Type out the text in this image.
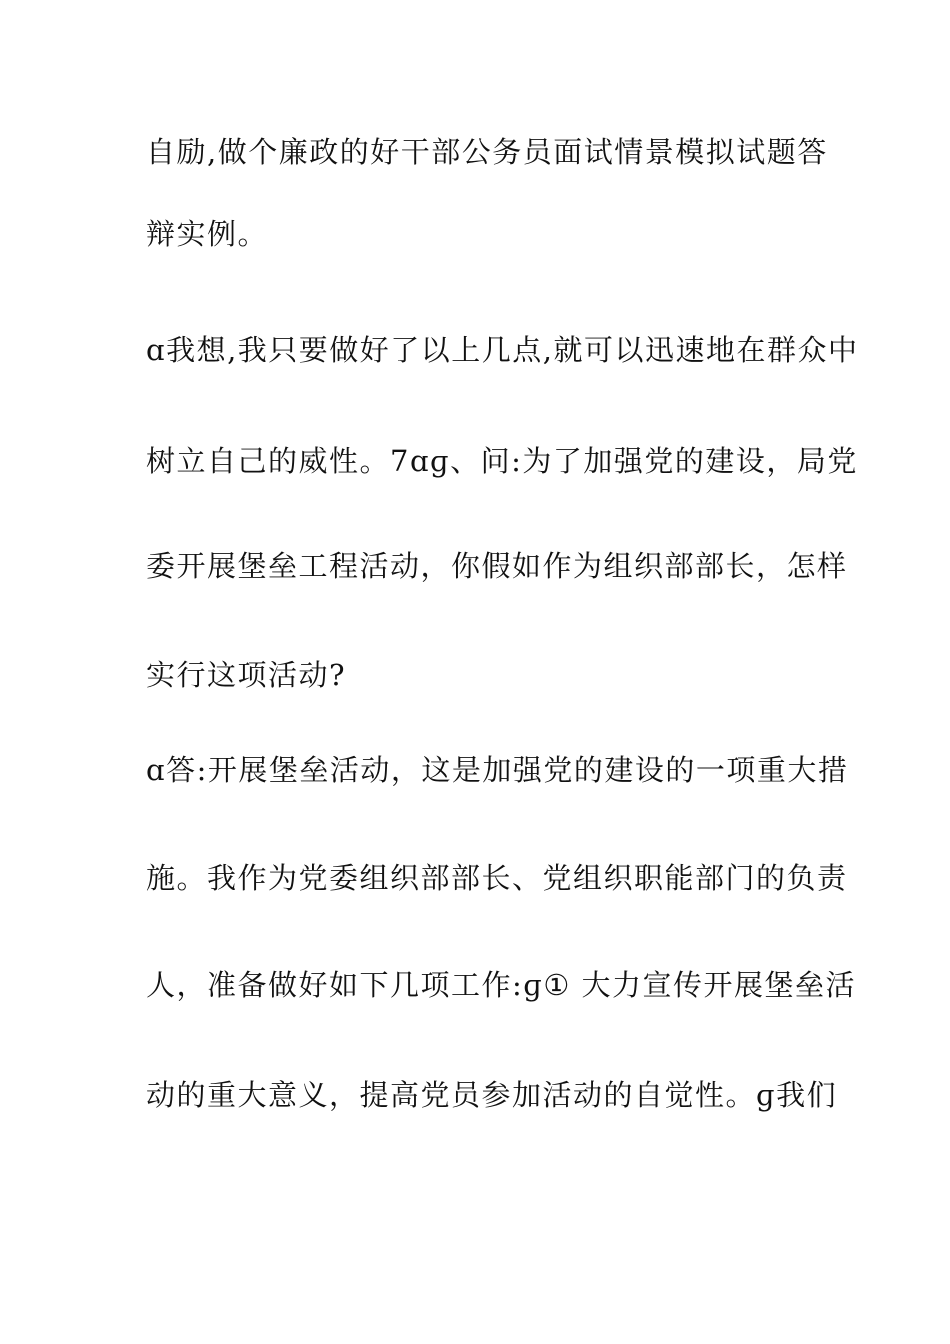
自励,做个廉政的好干部公务员面试情景模拟试题答
辩实例。
ɑ我想,我只要做好了以上几点,就可以迅速地在群众中
树立自己的威性。7ɑɡ、问:为了加强党的建设，局党
委开展堡垒工程活动，你假如作为组织部部长，怎样
实行这项活动?
ɑ答:开展堡垒活动，这是加强党的建设的一项重大措
施。我作为党委组织部部长、党组织职能部门的负责
人，准备做好如下几项工作:ɡ① 大力宣传开展堡垒活
动的重大意义，提高党员参加活动的自觉性。ɡ我们
